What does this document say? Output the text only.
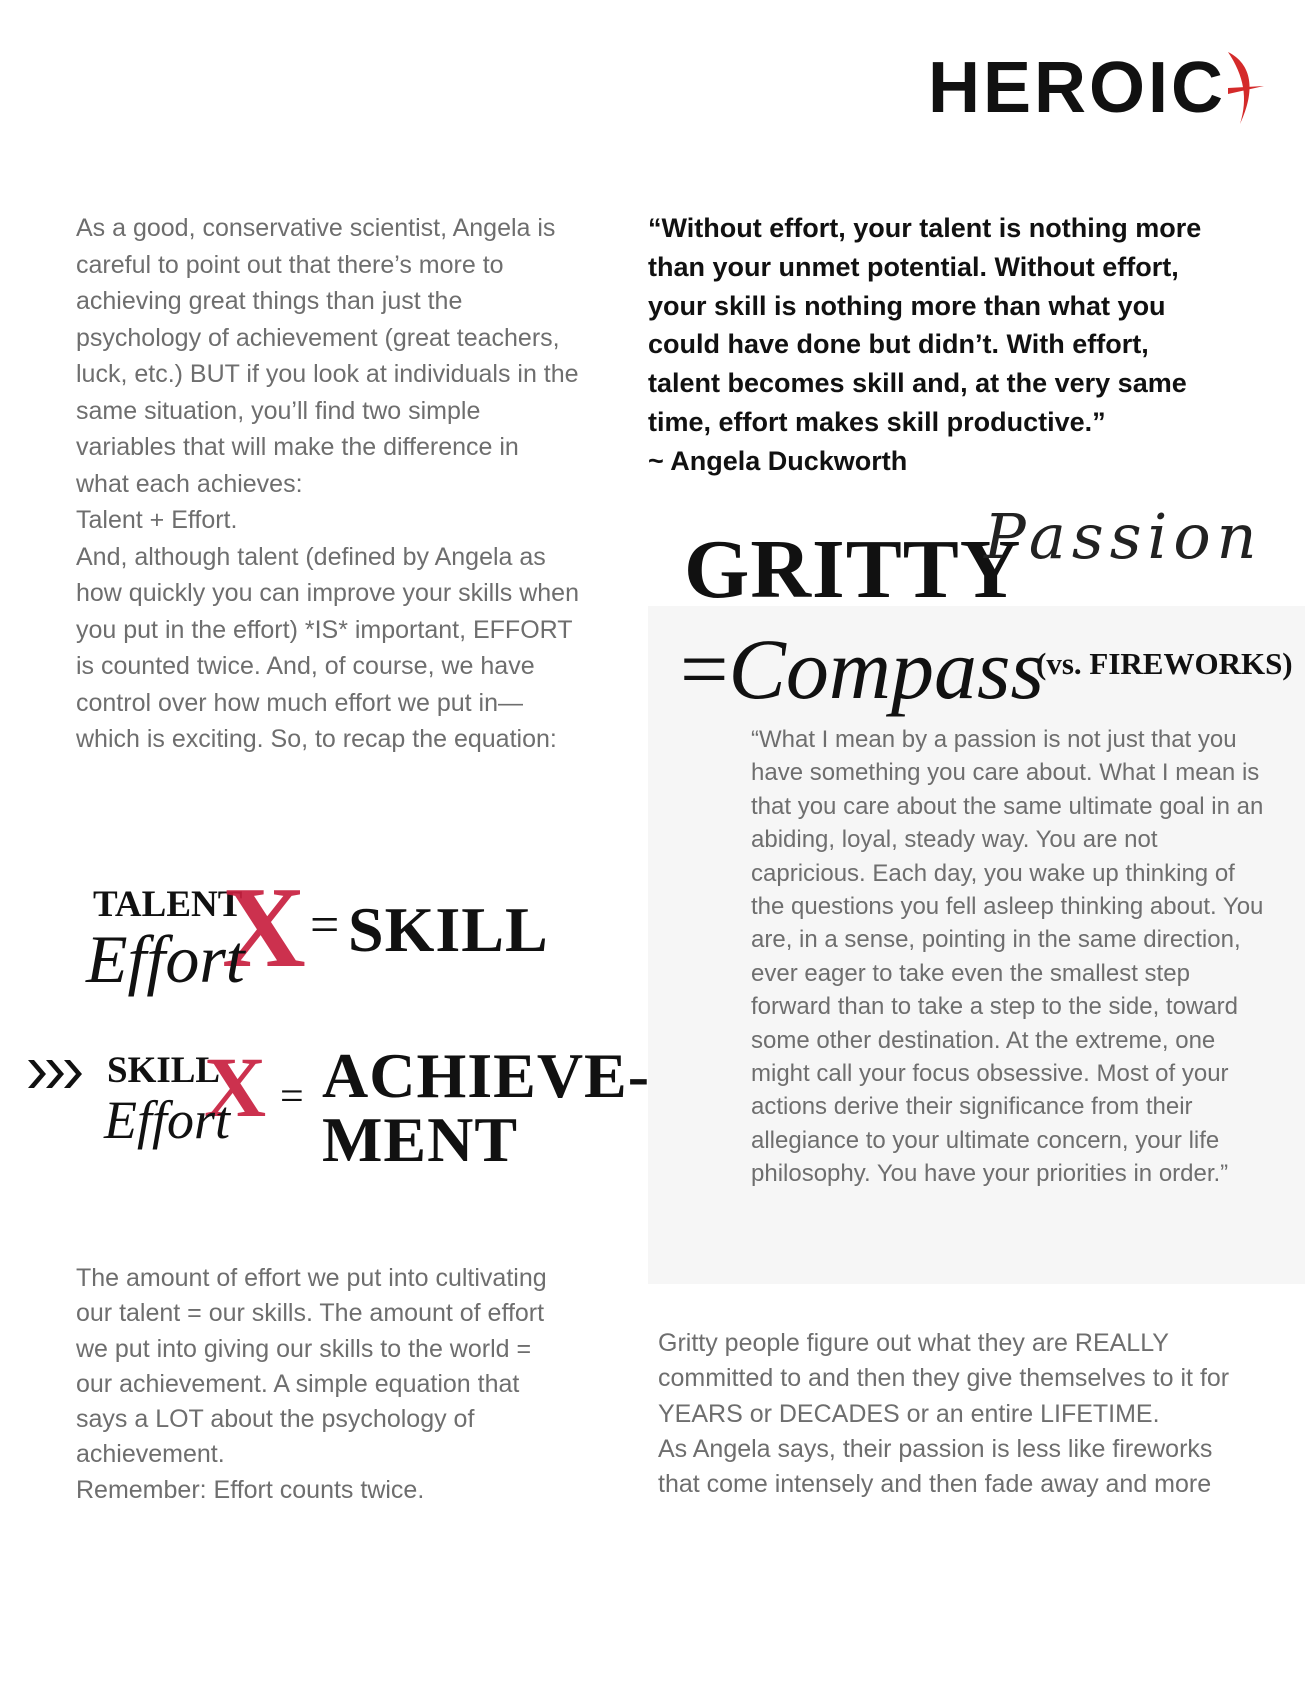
HEROIC

As a good, conservative scientist, Angela is

careful to point out that there’s more to

achieving great things than just the

psychology of achievement (great teachers,

luck, etc.) BUT if you look at individuals in the

same situation, you’ll find two simple

variables that will make the difference in

what each achieves:

Talent + Effort.

And, although talent (defined by Angela as

how quickly you can improve your skills when

you put in the effort) *IS* important, EFFORT

is counted twice. And, of course, we have

control over how much effort we put in—

which is exciting. So, to recap the equation:

“Without effort, your talent is nothing more

than your unmet potential. Without effort,

your skill is nothing more than what you

could have done but didn’t. With effort,

talent becomes skill and, at the very same

time, effort makes skill productive.”

~ Angela Duckworth

GRITTY
Passion
=Compass
(vs. FIREWORKS)
“What I mean by a passion is not just that you have something you care about. What I mean is that you care about the same ultimate goal in an abiding, loyal, steady way. You are not capricious. Each day, you wake up thinking of the questions you fell asleep thinking about. You are, in a sense, pointing in the same direction, ever eager to take even the smallest step forward than to take a step to the side, toward some other destination. At the extreme, one might call your focus obsessive. Most of your actions derive their significance from their allegiance to your ultimate concern, your life philosophy. You have your priorities in order.”
TALENT
X
Effort = SKILL
SKILL
X
Effort = ACHIEVE-
MENT

The amount of effort we put into cultivating

our talent = our skills. The amount of effort

we put into giving our skills to the world =

our achievement. A simple equation that

says a LOT about the psychology of

achievement.

Remember: Effort counts twice.

Gritty people figure out what they are REALLY

committed to and then they give themselves to it for

YEARS or DECADES or an entire LIFETIME.

As Angela says, their passion is less like fireworks

that come intensely and then fade away and more
